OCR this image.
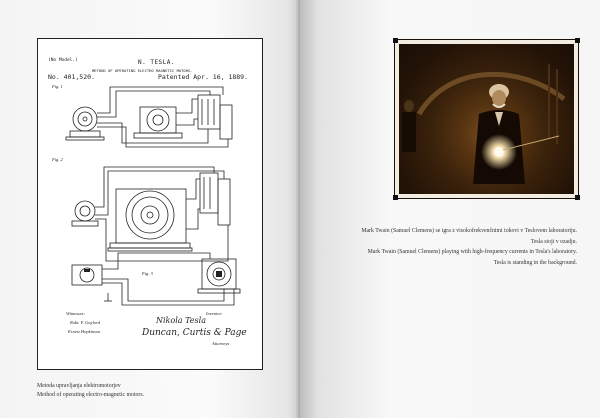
(No Model.)	N. TESLA.
METHOD OF OPERATING ELECTRO MAGNETIC MOTORS.
No. 401,520.	Patented Apr. 16, 1889.
Fig. 1
Fig. 2
Fig. 3
Witnesses:
Robt. F. Gaylord
Ernest Hopkinson
Inventor:
Nikola Tesla
Duncan, Curtis & Page
Attorneys
Metoda upravljanja elektromotorjev
Method of operating electro-magnetic motors.
Mark Twain (Samuel Clemens) se igra z visokofrekvenčnimi tokovi v Teslovem laboratoriju.
Tesla stoji v ozadju.
Mark Twain (Samuel Clemens) playing with high-frequency currents in Tesla's laboratory.
Tesla is standing in the background.
